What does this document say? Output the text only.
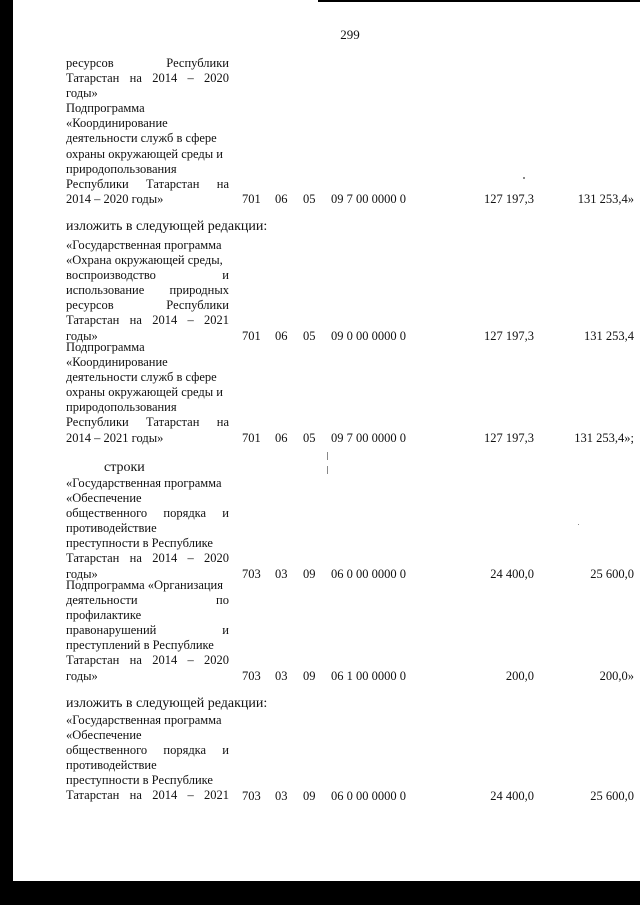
299
ресурсов	Республики
Татарстан на 2014 – 2020
годы»
Подпрограмма
«Координирование
деятельности служб в сфере
охраны окружающей среды и
природопользования
Республики Татарстан на
2014 – 2020 годы»	701 06 05 09 7 00 0000 0	127 197,3	131 253,4»
изложить в следующей редакции:
«Государственная программа
«Охрана окружающей среды,
воспроизводство	и
использование природных
ресурсов	Республики
Татарстан на 2014 – 2021
годы»	701 06 05 09 0 00 0000 0	127 197,3	131 253,4
Подпрограмма
«Координирование
деятельности служб в сфере
охраны окружающей среды и
природопользования
Республики Татарстан на
2014 – 2021 годы»	701 06 05 09 7 00 0000 0	127 197,3	131 253,4»;
строки
«Государственная программа
«Обеспечение
общественного порядка и
противодействие
преступности в Республике
Татарстан на 2014 – 2020
годы»	703 03 09 06 0 00 0000 0	24 400,0	25 600,0
Подпрограмма «Организация
деятельности	по
профилактике
правонарушений	и
преступлений в Республике
Татарстан на 2014 – 2020
годы»	703 03 09 06 1 00 0000 0	200,0	200,0»
изложить в следующей редакции:
«Государственная программа
«Обеспечение
общественного порядка и
противодействие
преступности в Республике
Татарстан на 2014 – 2021 703 03 09 06 0 00 0000 0	24 400,0	25 600,0
